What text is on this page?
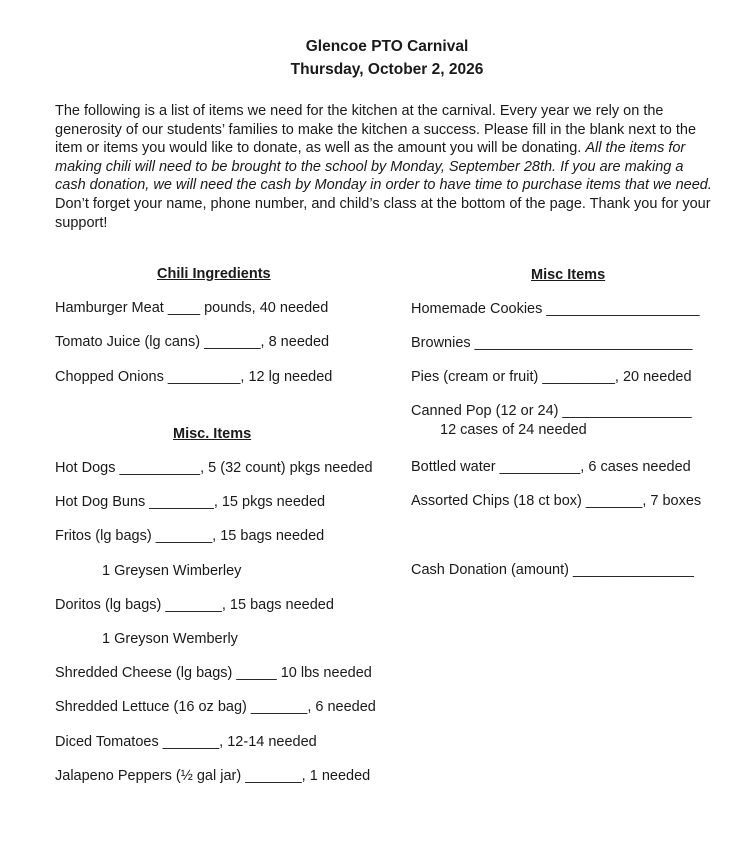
Glencoe PTO Carnival
Thursday, October 2, 2026
The following is a list of items we need for the kitchen at the carnival. Every year we rely on the generosity of our students’ families to make the kitchen a success. Please fill in the blank next to the item or items you would like to donate, as well as the amount you will be donating. All the items for making chili will need to be brought to the school by Monday, September 28th. If you are making a cash donation, we will need the cash by Monday in order to have time to purchase items that we need. Don’t forget your name, phone number, and child’s class at the bottom of the page. Thank you for your support!
Chili Ingredients
Hamburger Meat ____ pounds, 40 needed
Tomato Juice (lg cans) _______, 8 needed
Chopped Onions _________, 12 lg needed
Misc. Items
Hot Dogs __________, 5 (32 count) pkgs needed
Hot Dog Buns ________, 15 pkgs needed
Fritos (lg bags) _______, 15 bags needed
1 Greysen Wimberley
Doritos (lg bags) _______, 15 bags needed
1 Greyson Wemberly
Shredded Cheese (lg bags) _____ 10 lbs needed
Shredded Lettuce (16 oz bag) _______, 6 needed
Diced Tomatoes _______, 12-14 needed
Jalapeno Peppers (½ gal jar) _______, 1 needed
Misc Items
Homemade Cookies ___________________
Brownies ___________________________
Pies (cream or fruit) _________, 20 needed
Canned Pop (12 or 24) ________________
12 cases of 24 needed
Bottled water __________, 6 cases needed
Assorted Chips (18 ct box) _______, 7 boxes
Cash Donation (amount) _______________
